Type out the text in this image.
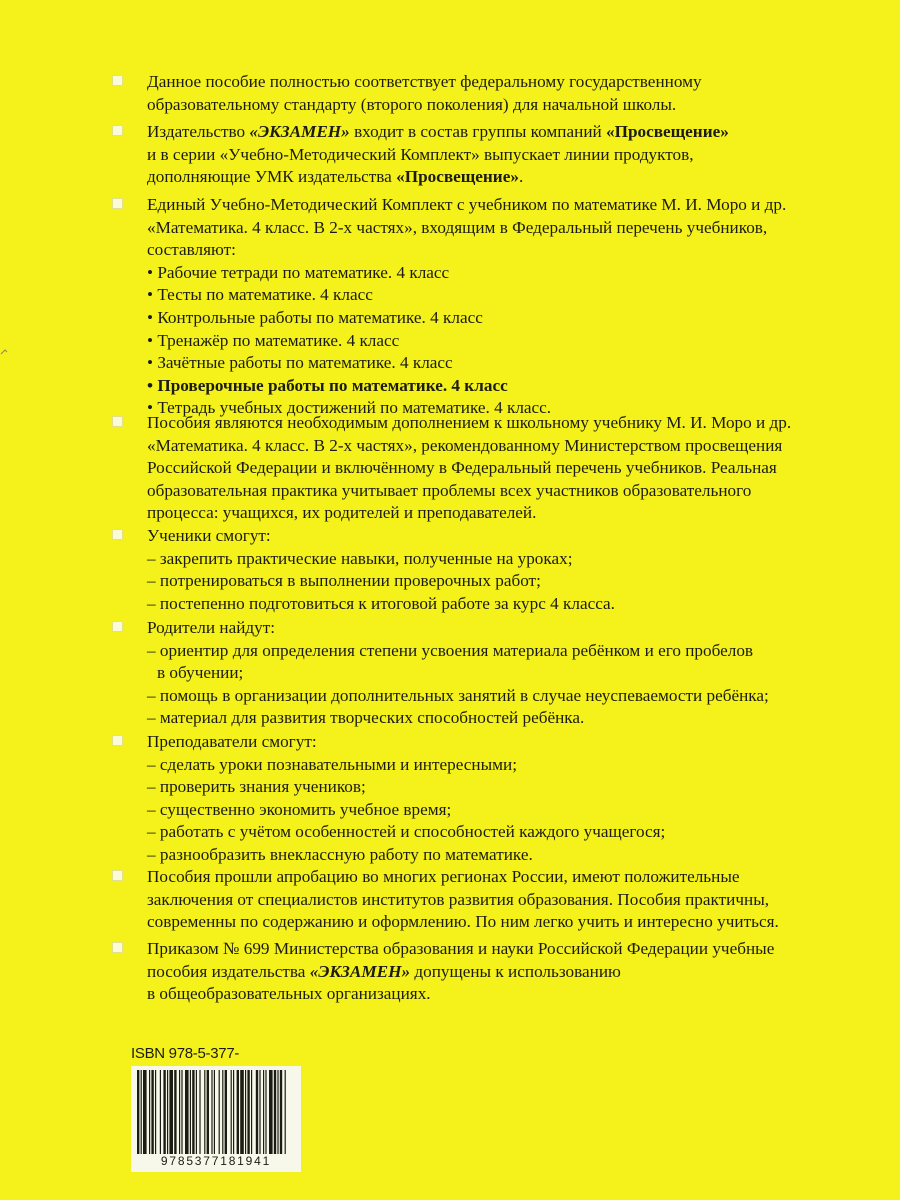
Данное пособие полностью соответствует федеральному государственному
образовательному стандарту (второго поколения) для начальной школы.
Издательство «ЭКЗАМЕН» входит в состав группы компаний «Просвещение»
и в серии «Учебно-Методический Комплект» выпускает линии продуктов,
дополняющие УМК издательства «Просвещение».
Единый Учебно-Методический Комплект с учебником по математике М. И. Моро и др.
«Математика. 4 класс. В 2-х частях», входящим в Федеральный перечень учебников,
составляют:
• Рабочие тетради по математике. 4 класс
• Тесты по математике. 4 класс
• Контрольные работы по математике. 4 класс
• Тренажёр по математике. 4 класс
• Зачётные работы по математике. 4 класс
• Проверочные работы по математике. 4 класс
• Тетрадь учебных достижений по математике. 4 класс.
Пособия являются необходимым дополнением к школьному учебнику М. И. Моро и др.
«Математика. 4 класс. В 2-х частях», рекомендованному Министерством просвещения
Российской Федерации и включённому в Федеральный перечень учебников. Реальная
образовательная практика учитывает проблемы всех участников образовательного
процесса: учащихся, их родителей и преподавателей.
Ученики смогут:
– закрепить практические навыки, полученные на уроках;
– потренироваться в выполнении проверочных работ;
– постепенно подготовиться к итоговой работе за курс 4 класса.
Родители найдут:
– ориентир для определения степени усвоения материала ребёнком и его пробелов
в обучении;
– помощь в организации дополнительных занятий в случае неуспеваемости ребёнка;
– материал для развития творческих способностей ребёнка.
Преподаватели смогут:
– сделать уроки познавательными и интересными;
– проверить знания учеников;
– существенно экономить учебное время;
– работать с учётом особенностей и способностей каждого учащегося;
– разнообразить внеклассную работу по математике.
Пособия прошли апробацию во многих регионах России, имеют положительные
заключения от специалистов институтов развития образования. Пособия практичны,
современны по содержанию и оформлению. По ним легко учить и интересно учиться.
Приказом № 699 Министерства образования и науки Российской Федерации учебные
пособия издательства «ЭКЗАМЕН» допущены к использованию
в общеобразовательных организациях.
ISBN 978-5-377-
9785377181941
